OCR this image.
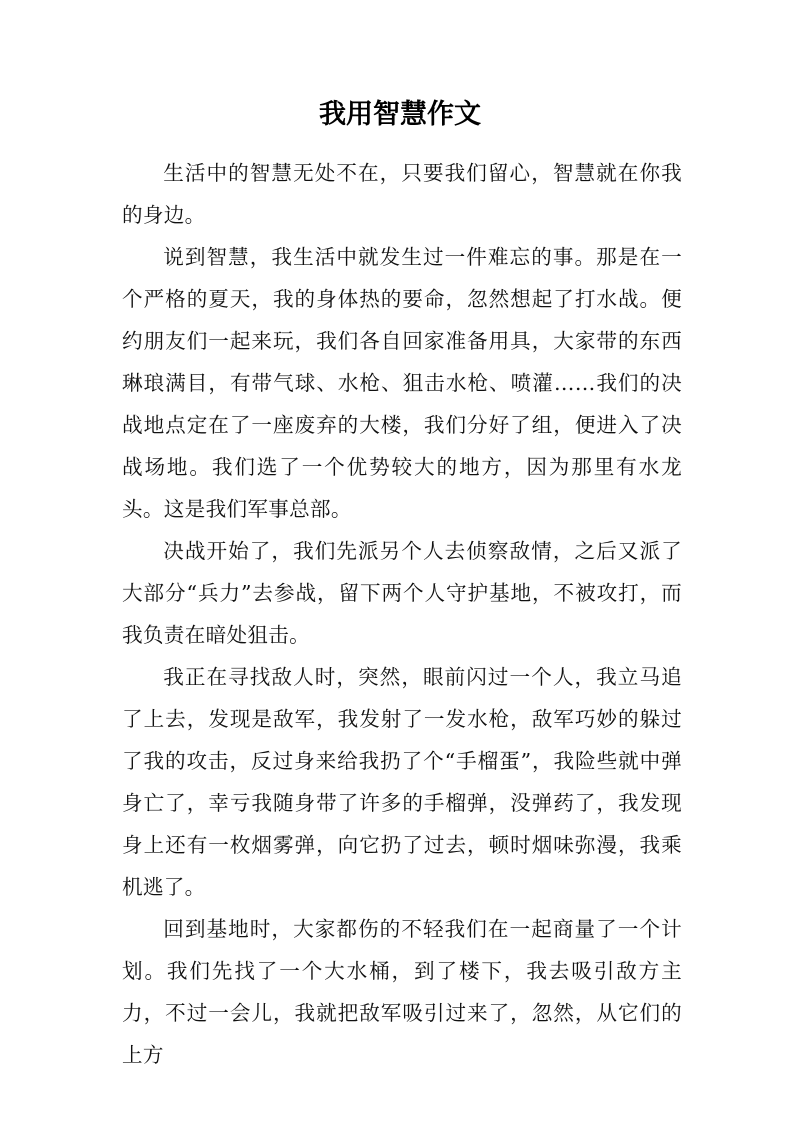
我用智慧作文

生活中的智慧无处不在，只要我们留心，智慧就在你我的身边。

说到智慧，我生活中就发生过一件难忘的事。那是在一个严格的夏天，我的身体热的要命，忽然想起了打水战。便约朋友们一起来玩，我们各自回家准备用具，大家带的东西琳琅满目，有带气球、水枪、狙击水枪、喷灌……我们的决战地点定在了一座废弃的大楼，我们分好了组，便进入了决战场地。我们选了一个优势较大的地方，因为那里有水龙头。这是我们军事总部。

决战开始了，我们先派另个人去侦察敌情，之后又派了大部分“兵力”去参战，留下两个人守护基地，不被攻打，而我负责在暗处狙击。

我正在寻找敌人时，突然，眼前闪过一个人，我立马追了上去，发现是敌军，我发射了一发水枪，敌军巧妙的躲过了我的攻击，反过身来给我扔了个“手榴蛋”，我险些就中弹身亡了，幸亏我随身带了许多的手榴弹，没弹药了，我发现身上还有一枚烟雾弹，向它扔了过去，顿时烟味弥漫，我乘机逃了。

回到基地时，大家都伤的不轻我们在一起商量了一个计划。我们先找了一个大水桶，到了楼下，我去吸引敌方主力，不过一会儿，我就把敌军吸引过来了，忽然，从它们的上方
